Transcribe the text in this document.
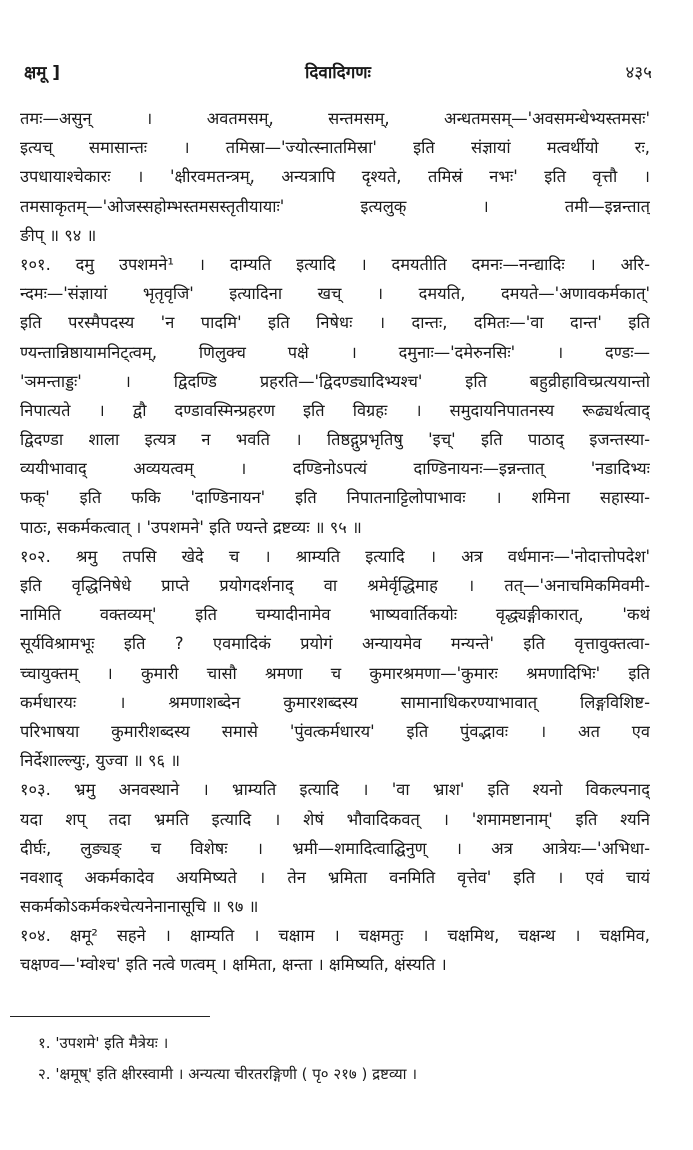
क्षमू ]	दिवादिगणः	४३५
तमः—असुन् । अवतमसम्, सन्तमसम्, अन्धतमसम्—'अवसमन्धेभ्यस्तमसः'
इत्यच् समासान्तः । तमिस्रा—'ज्योत्स्नातमिस्रा' इति संज्ञायां मत्वर्थीयो रः,
उपधायाश्चेकारः । 'क्षीरवमतन्त्रम्, अन्यत्रापि दृश्यते, तमिस्रं नभः' इति वृत्तौ ।
तमसाकृतम्—'ओजस्सहोम्भस्तमसस्तृतीयायाः' इत्यलुक् । तमी—इन्नन्तात्
ङीप् ॥ ९४ ॥
१०१. दमु उपशमने¹ । दाम्यति इत्यादि । दमयतीति दमनः—नन्द्यादिः । अरि-
न्दमः—'संज्ञायां भृतृवृजि' इत्यादिना खच् । दमयति, दमयते—'अणावकर्मकात्'
इति परस्मैपदस्य 'न पादमि' इति निषेधः । दान्तः, दमितः—'वा दान्त' इति
ण्यन्तान्निष्ठायामनिट्त्वम्, णिलुक्च पक्षे । दमुनाः—'दमेरुनसिः' । दण्डः—
'ञमन्ताड्डः' । द्विदण्डि प्रहरति—'द्विदण्ड्यादिभ्यश्च' इति बहुव्रीहाविच्प्रत्ययान्तो
निपात्यते । द्वौ दण्डावस्मिन्प्रहरण इति विग्रहः । समुदायनिपातनस्य रूढ्यर्थत्वाद्
द्विदण्डा शाला इत्यत्र न भवति । तिष्ठद्गुप्रभृतिषु 'इच्' इति पाठाद् इजन्तस्या-
व्ययीभावाद् अव्ययत्वम् । दण्डिनोऽपत्यं दाण्डिनायनः—इन्नन्तात् 'नडादिभ्यः
फक्' इति फकि 'दाण्डिनायन' इति निपातनाट्टिलोपाभावः । शमिना सहास्या-
पाठः, सकर्मकत्वात् । 'उपशमने' इति ण्यन्ते द्रष्टव्यः ॥ ९५ ॥
१०२. श्रमु तपसि खेदे च । श्राम्यति इत्यादि । अत्र वर्धमानः—'नोदात्तोपदेश'
इति वृद्धिनिषेधे प्राप्ते प्रयोगदर्शनाद् वा श्रमेर्वृद्धिमाह । तत्—'अनाचमिकमिवमी-
नामिति वक्तव्यम्' इति चम्यादीनामेव भाष्यवार्तिकयोः वृद्ध्यङ्गीकारात्, 'कथं
सूर्यविश्रामभूः इति ? एवमादिकं प्रयोगं अन्यायमेव मन्यन्ते' इति वृत्तावुक्तत्वा-
च्चायुक्तम् । कुमारी चासौ श्रमणा च कुमारश्रमणा—'कुमारः श्रमणादिभिः' इति
कर्मधारयः । श्रमणाशब्देन कुमारशब्दस्य सामानाधिकरण्याभावात् लिङ्गविशिष्ट-
परिभाषया कुमारीशब्दस्य समासे 'पुंवत्कर्मधारय' इति पुंवद्भावः । अत एव
निर्देशाल्ल्युः, युज्वा ॥ ९६ ॥
१०३. भ्रमु अनवस्थाने । भ्राम्यति इत्यादि । 'वा भ्राश' इति श्यनो विकल्पनाद्
यदा शप् तदा भ्रमति इत्यादि । शेषं भौवादिकवत् । 'शमामष्टानाम्' इति श्यनि
दीर्घः, लुङ्यङ् च विशेषः । भ्रमी—शमादित्वाद्घिनुण् । अत्र आत्रेयः—'अभिधा-
नवशाद् अकर्मकादेव अयमिष्यते । तेन भ्रमिता वनमिति वृत्तेव' इति । एवं चायं
सकर्मकोऽकर्मकश्चेत्यनेनानासूचि ॥ ९७ ॥
१०४. क्षमू² सहने । क्षाम्यति । चक्षाम । चक्षमतुः । चक्षमिथ, चक्षन्थ । चक्षमिव,
चक्षण्व—'म्वोश्च' इति नत्वे णत्वम् । क्षमिता, क्षन्ता । क्षमिष्यति, क्षंस्यति ।
१. 'उपशमे' इति मैत्रेयः ।
२. 'क्षमूष्' इति क्षीरस्वामी । अन्यत्या चीरतरङ्गिणी ( पृ० २१७ ) द्रष्टव्या ।
